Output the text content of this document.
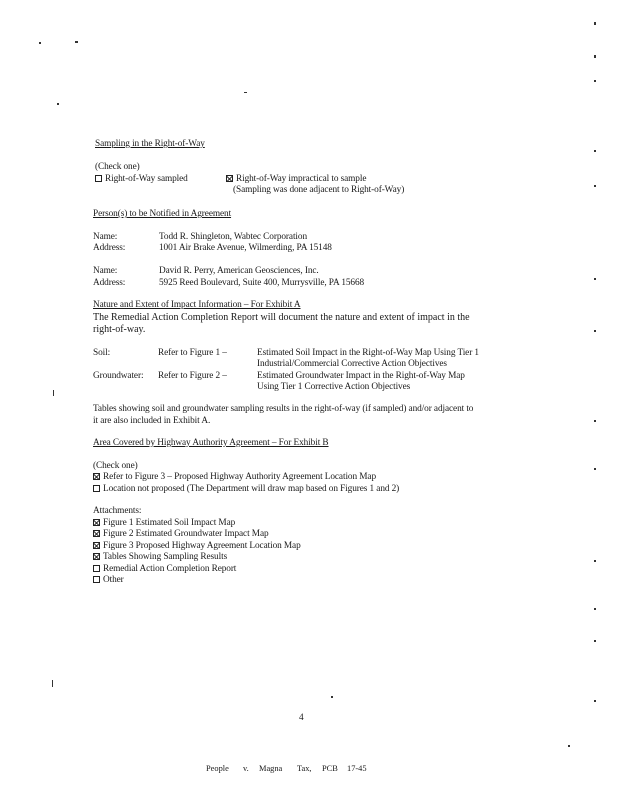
Sampling in the Right-of-Way
(Check one)
Right-of-Way sampled	Right-of-Way impractical to sample
(Sampling was done adjacent to Right-of-Way)
Person(s) to be Notified in Agreement
Name:	Todd R. Shingleton, Wabtec Corporation
Address:	1001 Air Brake Avenue, Wilmerding, PA 15148
Name:	David R. Perry, American Geosciences, Inc.
Address:	5925 Reed Boulevard, Suite 400, Murrysville, PA 15668
Nature and Extent of Impact Information – For Exhibit A
The Remedial Action Completion Report will document the nature and extent of impact in the
right-of-way.
Soil:	Refer to Figure 1 –	Estimated Soil Impact in the Right-of-Way Map Using Tier 1
Industrial/Commercial Corrective Action Objectives
Groundwater: Refer to Figure 2 –	Estimated Groundwater Impact in the Right-of-Way Map
Using Tier 1 Corrective Action Objectives
Tables showing soil and groundwater sampling results in the right-of-way (if sampled) and/or adjacent to
it are also included in Exhibit A.
Area Covered by Highway Authority Agreement – For Exhibit B
(Check one)
Refer to Figure 3 – Proposed Highway Authority Agreement Location Map
Location not proposed (The Department will draw map based on Figures 1 and 2)
Attachments:
Figure 1 Estimated Soil Impact Map
Figure 2 Estimated Groundwater Impact Map
Figure 3 Proposed Highway Agreement Location Map
Tables Showing Sampling Results
Remedial Action Completion Report
Other
4
People v. Magna Tax, PCB 17-45
